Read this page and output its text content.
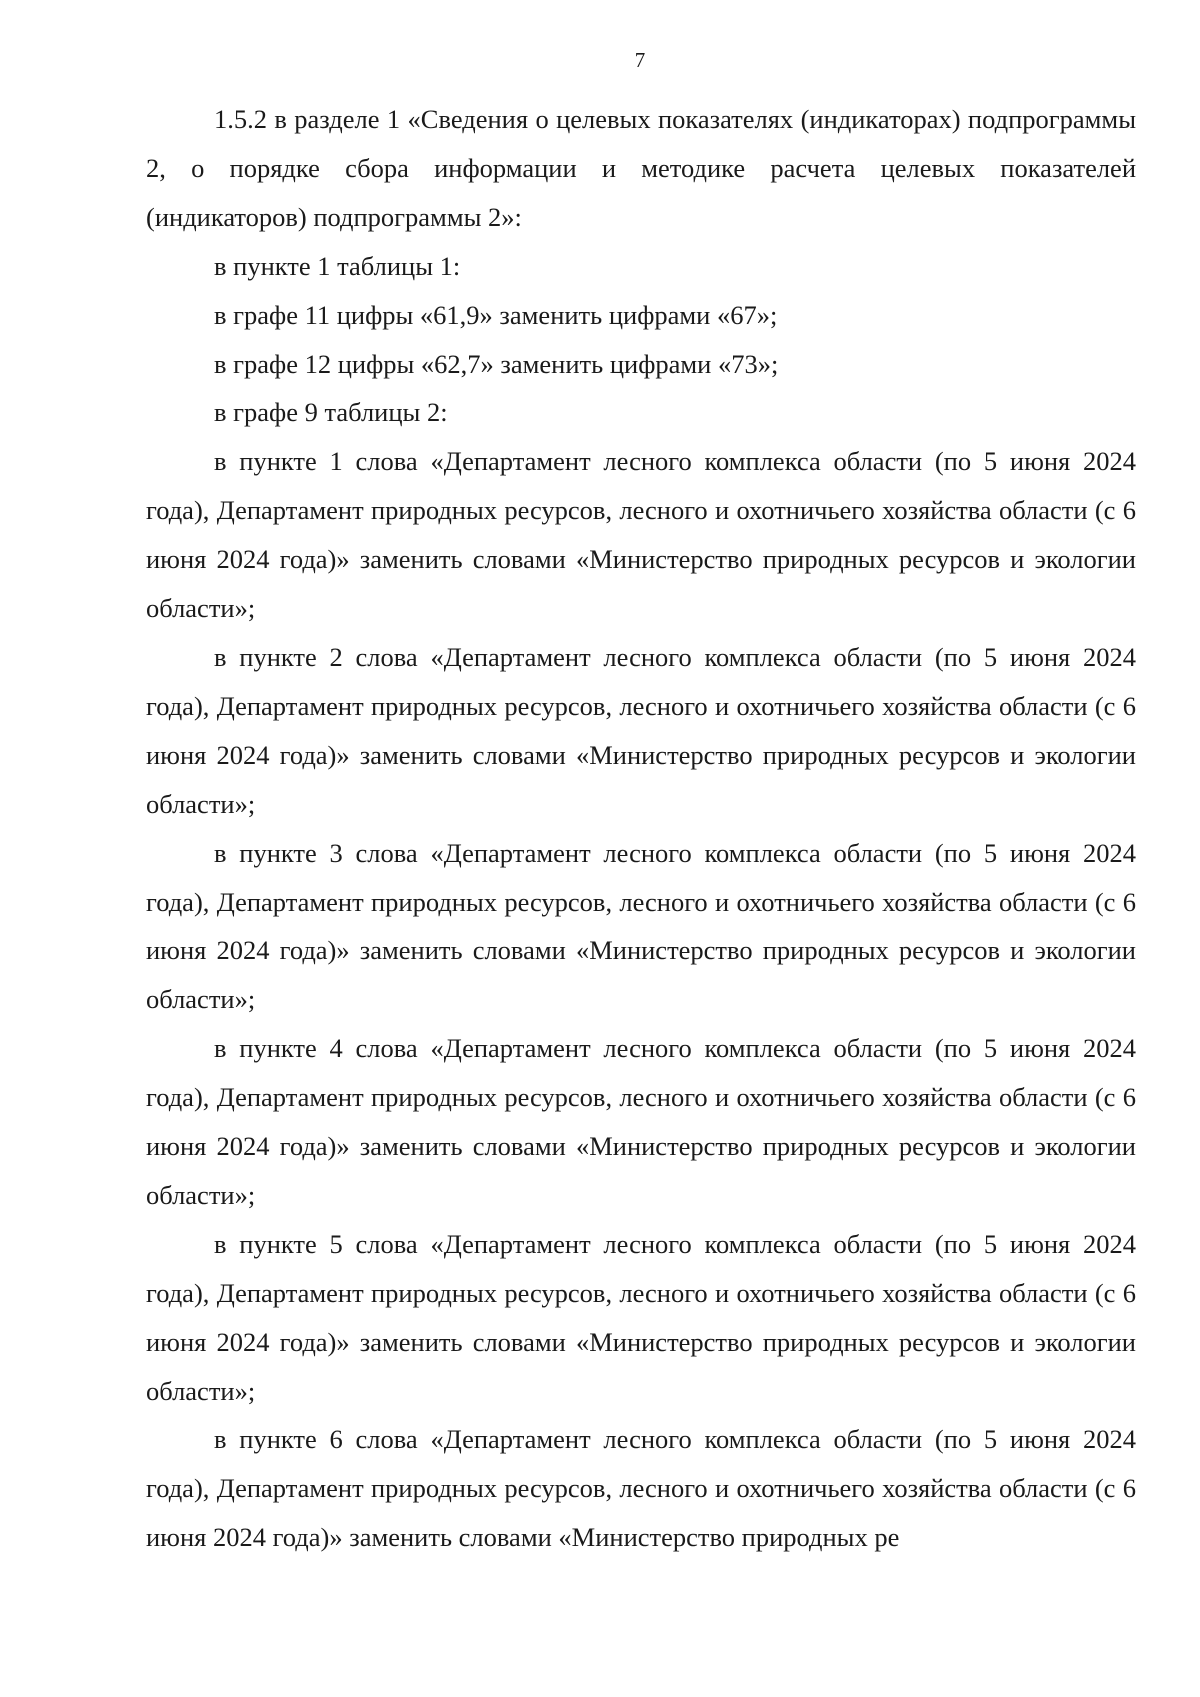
7

1.5.2 в разделе 1 «Сведения о целевых показателях (индикаторах) подпрограммы 2, о порядке сбора информации и методике расчета целевых показателей (индикаторов) подпрограммы 2»:

в пункте 1 таблицы 1:

в графе 11 цифры «61,9» заменить цифрами «67»;

в графе 12 цифры «62,7» заменить цифрами «73»;

в графе 9 таблицы 2:

в пункте 1 слова «Департамент лесного комплекса области (по 5 июня 2024 года), Департамент природных ресурсов, лесного и охотничьего хозяйства области (с 6 июня 2024 года)» заменить словами «Министерство природных ресурсов и экологии области»;

в пункте 2 слова «Департамент лесного комплекса области (по 5 июня 2024 года), Департамент природных ресурсов, лесного и охотничьего хозяйства области (с 6 июня 2024 года)» заменить словами «Министерство природных ресурсов и экологии области»;

в пункте 3 слова «Департамент лесного комплекса области (по 5 июня 2024 года), Департамент природных ресурсов, лесного и охотничьего хозяйства области (с 6 июня 2024 года)» заменить словами «Министерство природных ресурсов и экологии области»;

в пункте 4 слова «Департамент лесного комплекса области (по 5 июня 2024 года), Департамент природных ресурсов, лесного и охотничьего хозяйства области (с 6 июня 2024 года)» заменить словами «Министерство природных ресурсов и экологии области»;

в пункте 5 слова «Департамент лесного комплекса области (по 5 июня 2024 года), Департамент природных ресурсов, лесного и охотничьего хозяйства области (с 6 июня 2024 года)» заменить словами «Министерство природных ресурсов и экологии области»;

в пункте 6 слова «Департамент лесного комплекса области (по 5 июня 2024 года), Департамент природных ресурсов, лесного и охотничьего хозяйства области (с 6 июня 2024 года)» заменить словами «Министерство природных ре
